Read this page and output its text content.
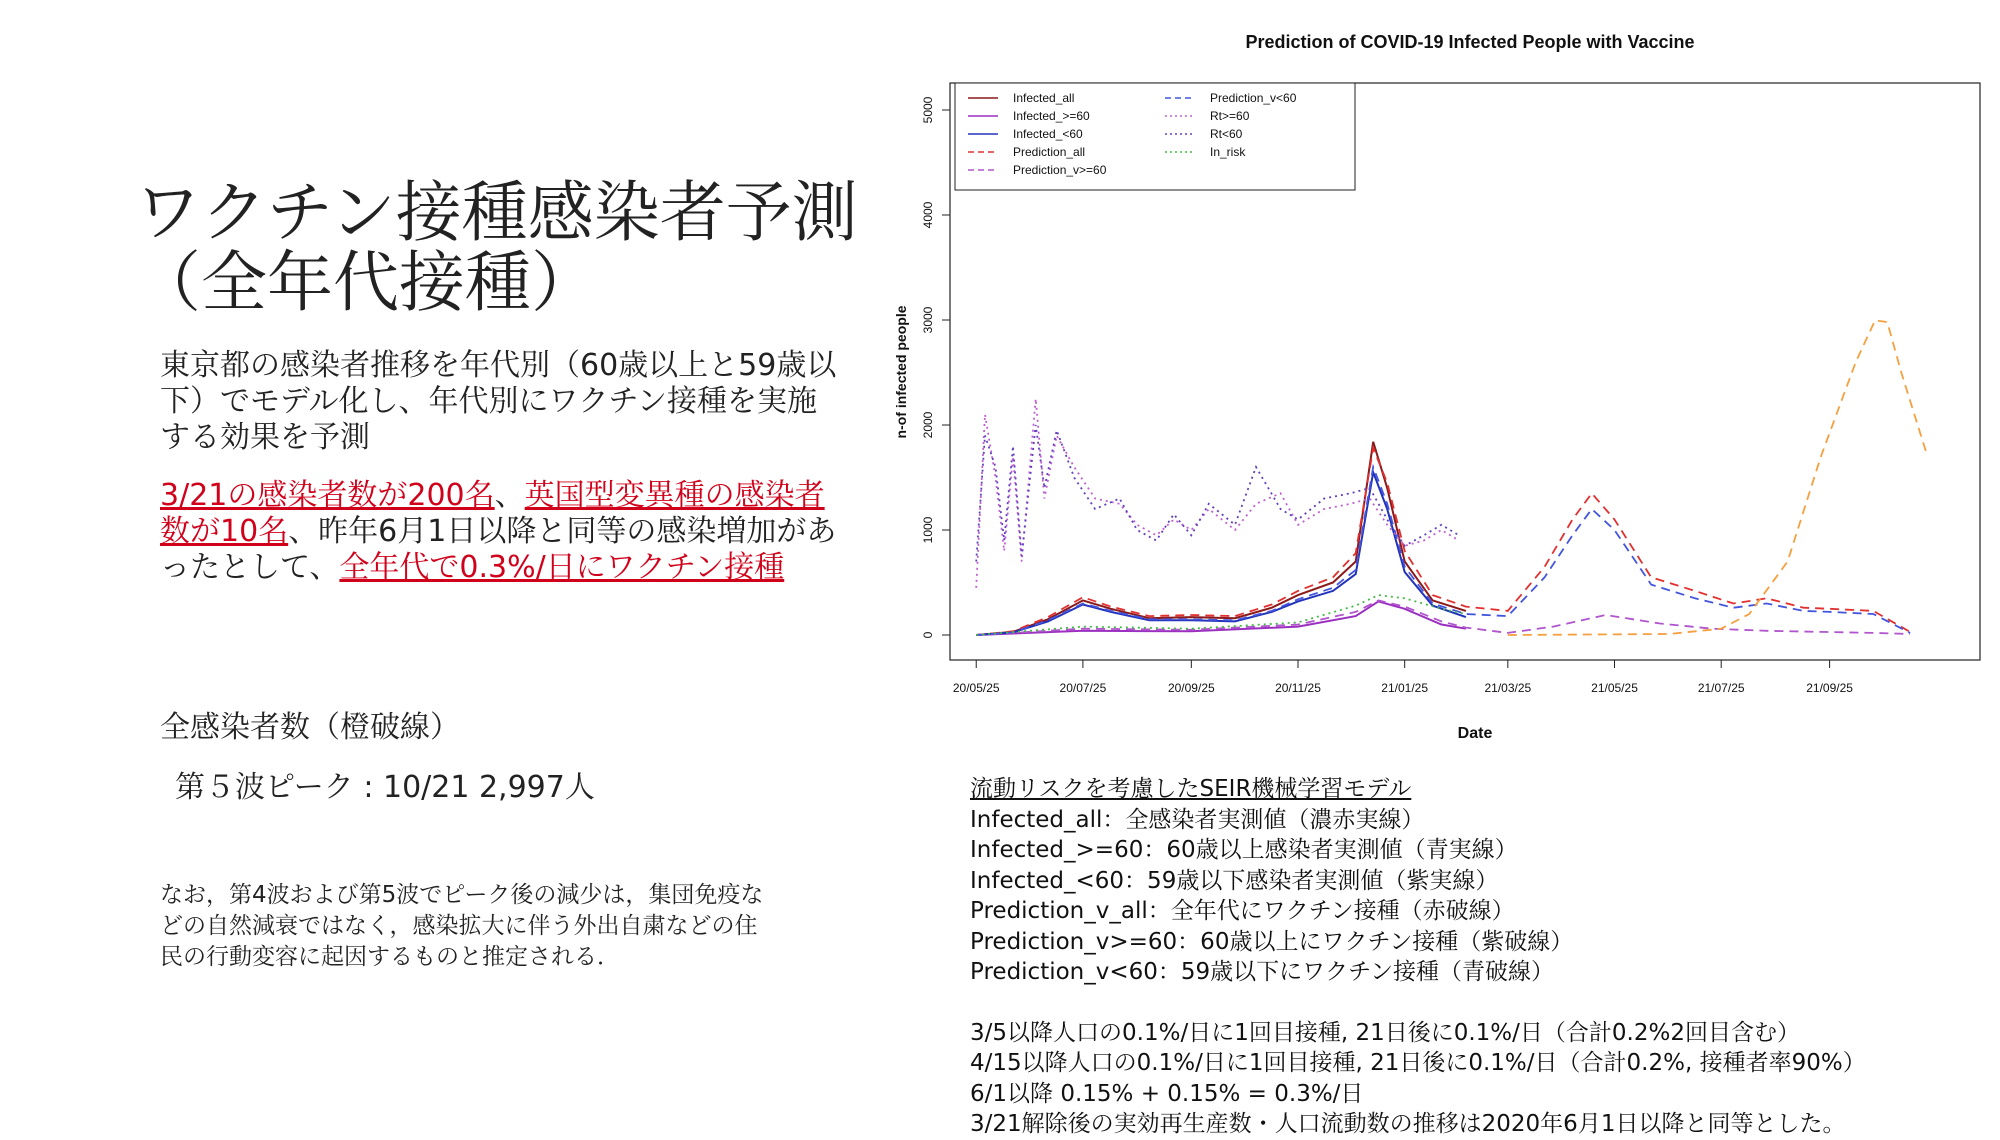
ワクチン接種感染者予測
（全年代接種）

東京都の感染者推移を年代別（60歳以上と59歳以下）でモデル化し、年代別にワクチン接種を実施する効果を予測

3/21の感染者数が200名、英国型変異種の感染者数が10名、昨年6月1日以降と同等の感染増加があったとして、全年代で0.3%/日にワクチン接種

全感染者数（橙破線）
第５波ピーク : 10/21 2,997人
なお，第4波および第5波でピーク後の減少は，集団免疫な
どの自然減衰ではなく，感染拡大に伴う外出自粛などの住
民の行動変容に起因するものと推定される．
Prediction of COVID-19 Infected People with Vaccine
0
1000
2000
3000
4000
5000
20/05/25	20/07/25	20/09/25	20/11/25	21/01/25	21/03/25	21/05/25	21/07/25	21/09/25
n-of infected people
Date
Infected_all
Infected_>=60
Infected_<60
Prediction_all
Prediction_v>=60
Prediction_v<60
Rt>=60
Rt<60
In_risk
流動リスクを考慮したSEIR機械学習モデル
Infected_all：全感染者実測値（濃赤実線）
Infected_>=60：60歳以上感染者実測値（青実線）
Infected_<60：59歳以下感染者実測値（紫実線）
Prediction_v_all：全年代にワクチン接種（赤破線）
Prediction_v>=60：60歳以上にワクチン接種（紫破線）
Prediction_v<60：59歳以下にワクチン接種（青破線）
3/5以降人口の0.1%/日に1回目接種, 21日後に0.1%/日（合計0.2%2回目含む）
4/15以降人口の0.1%/日に1回目接種, 21日後に0.1%/日（合計0.2%, 接種者率90%）
6/1以降 0.15% + 0.15% = 0.3%/日
3/21解除後の実効再生産数・人口流動数の推移は2020年6月1日以降と同等とした。
